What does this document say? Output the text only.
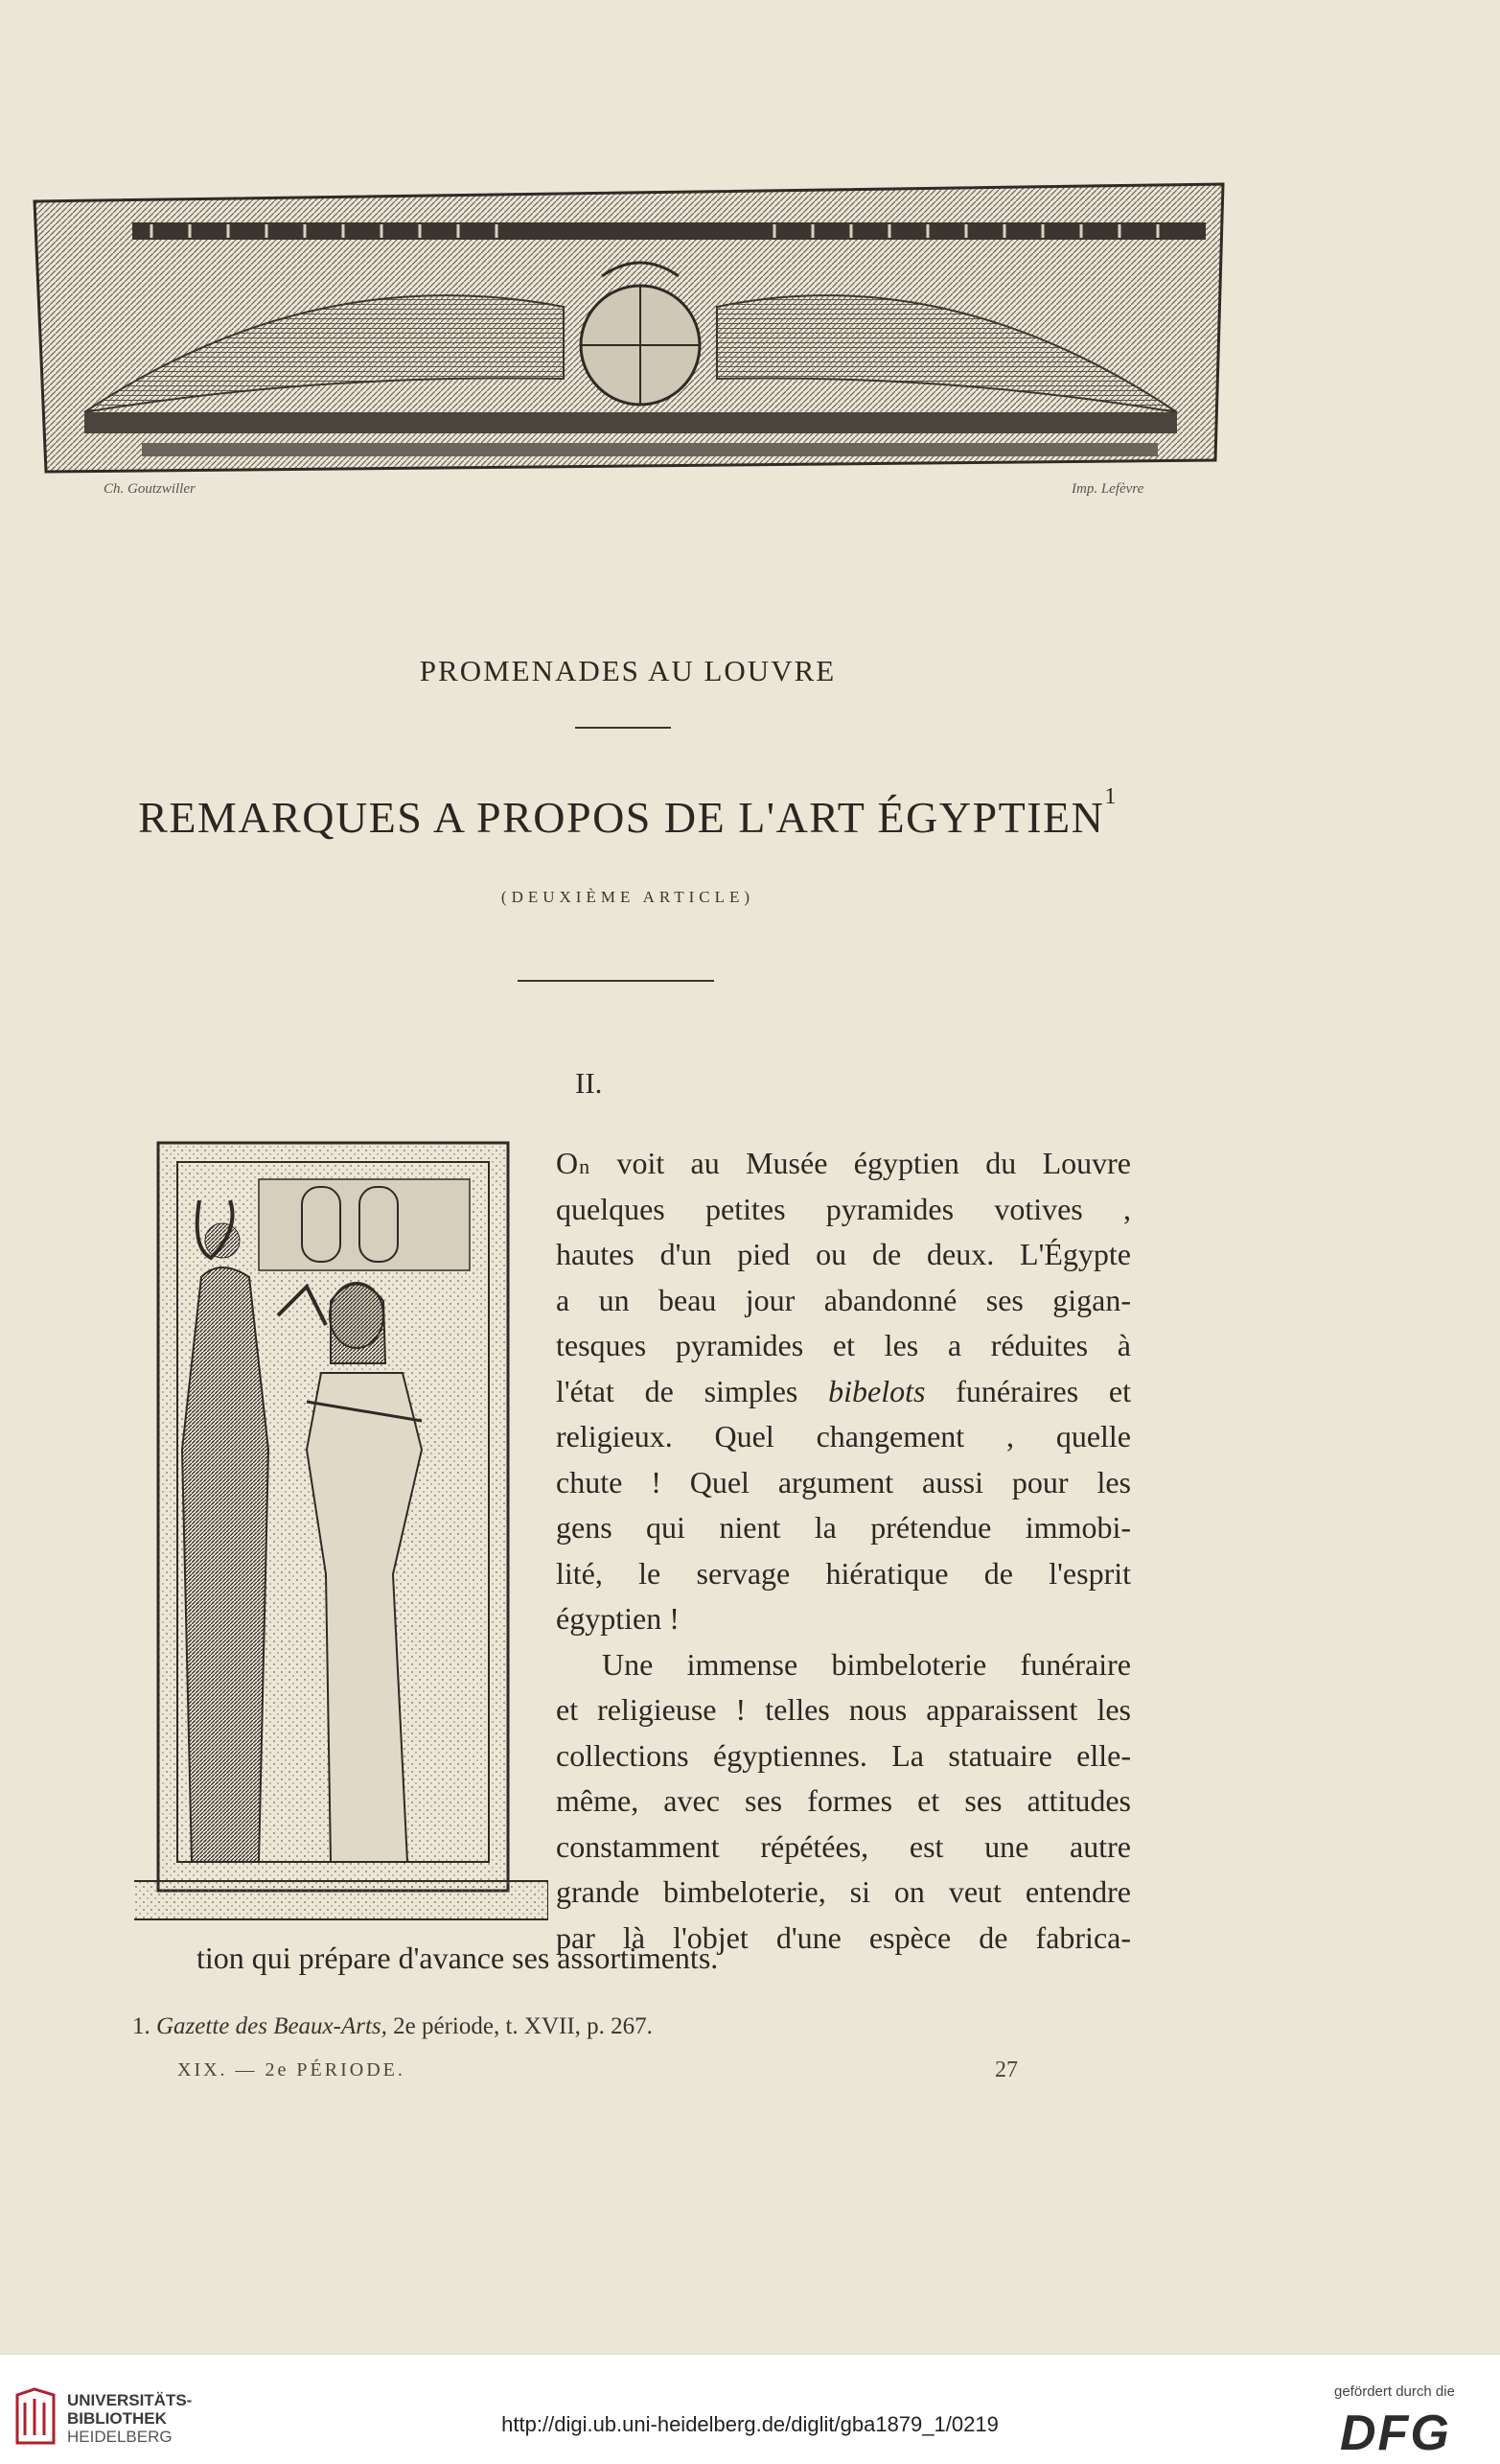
Ch. Goutzwiller	Imp. Lefèvre
PROMENADES AU LOUVRE
REMARQUES A PROPOS DE L'ART ÉGYPTIEN$^1$
(DEUXIÈME ARTICLE)
II.
On voit au Musée égyptien du Louvre
quelques petites pyramides votives ,
hautes d'un pied ou de deux. L'Égypte
a un beau jour abandonné ses gigan-
tesques pyramides et les a réduites à
l'état de simples bibelots funéraires et
religieux. Quel changement , quelle
chute ! Quel argument aussi pour les
gens qui nient la prétendue immobi-
lité, le servage hiératique de l'esprit
égyptien !
Une immense bimbeloterie funéraire
et religieuse ! telles nous apparaissent les
collections égyptiennes. La statuaire elle-
même, avec ses formes et ses attitudes
constamment répétées, est une autre
grande bimbeloterie, si on veut entendre
par là l'objet d'une espèce de fabrica-
tion qui prépare d'avance ses assortiments.
1. Gazette des Beaux-Arts, 2e période, t. XVII, p. 267.
XIX. — 2e PÉRIODE.	27
UNIVERSITÄTS-
BIBLIOTHEK
HEIDELBERG
http://digi.ub.uni-heidelberg.de/diglit/gba1879_1/0219
gefördert durch die
DFG
